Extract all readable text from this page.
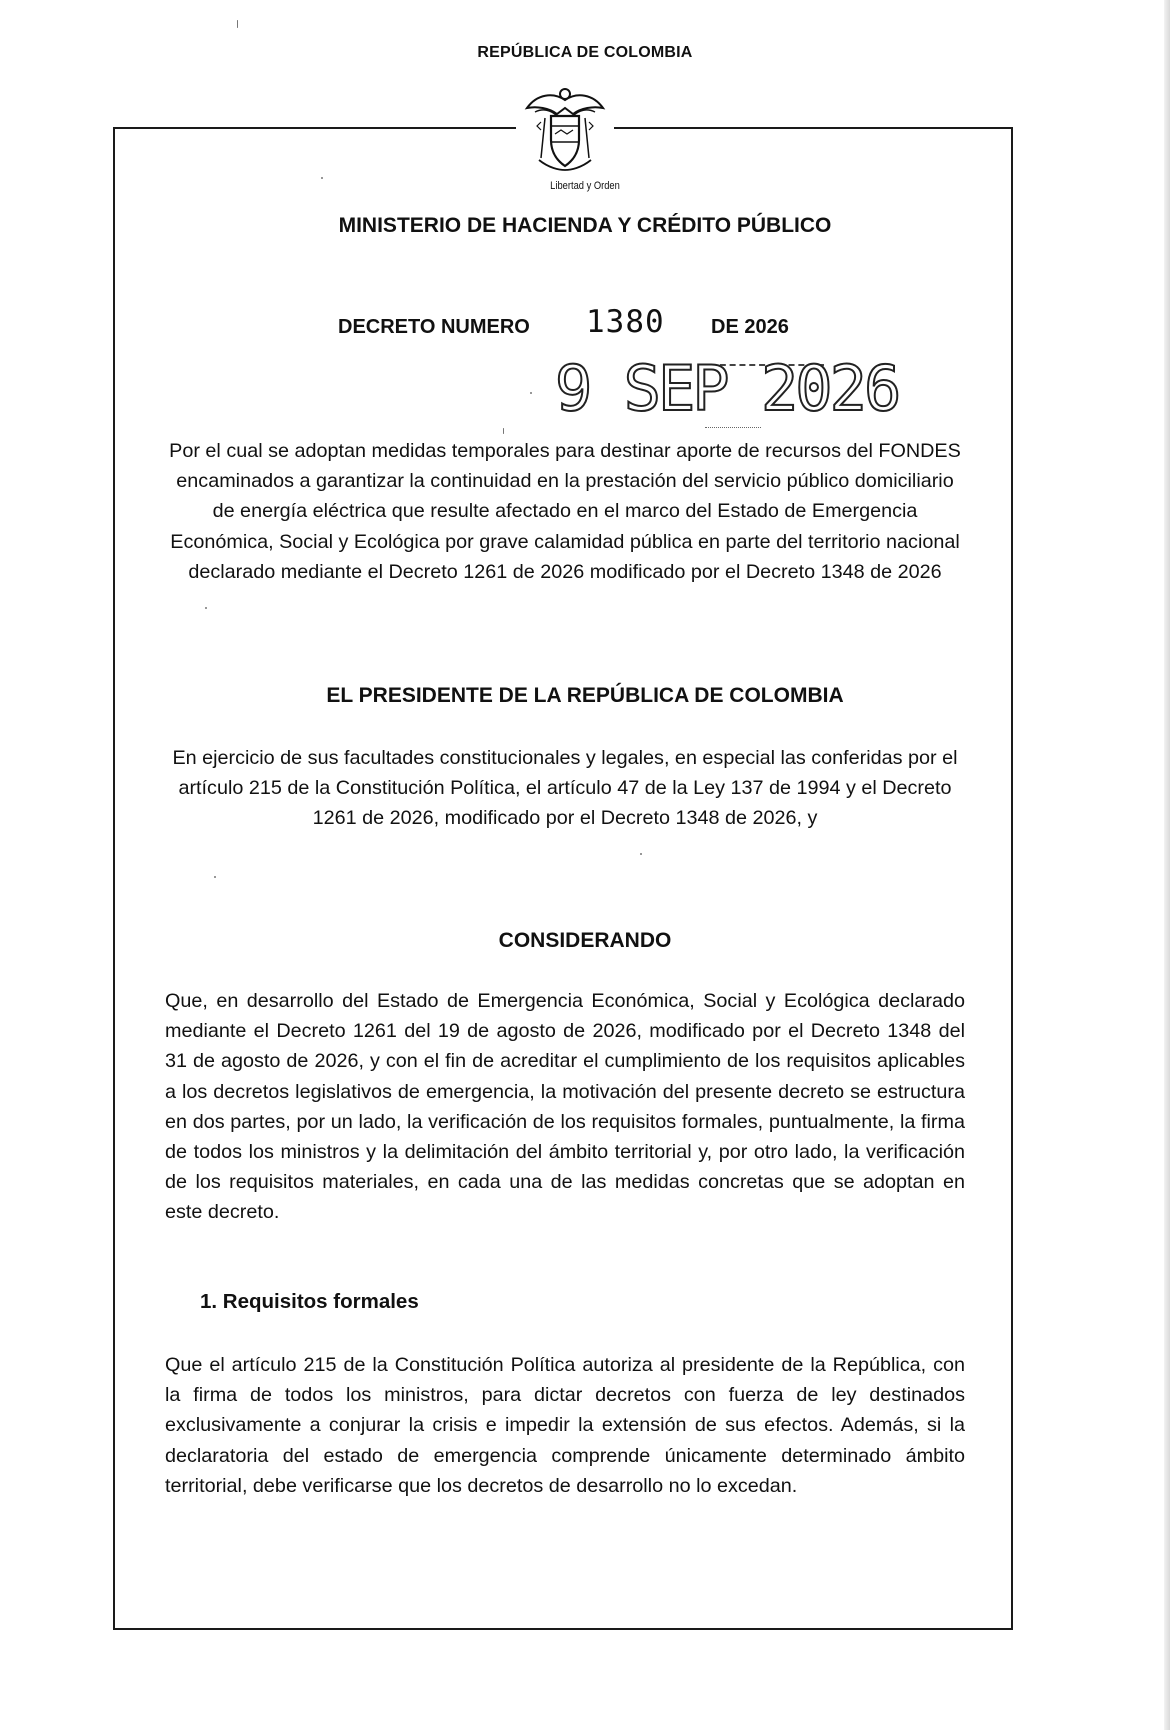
REPÚBLICA DE COLOMBIA
Libertad y Orden
MINISTERIO DE HACIENDA Y CRÉDITO PÚBLICO
DECRETO NUMERO 1380 DE 2026
9 SEP 2026
Por el cual se adoptan medidas temporales para destinar aporte de recursos del FONDES encaminados a garantizar la continuidad en la prestación del servicio público domiciliario de energía eléctrica que resulte afectado en el marco del Estado de Emergencia Económica, Social y Ecológica por grave calamidad pública en parte del territorio nacional declarado mediante el Decreto 1261 de 2026 modificado por el Decreto 1348 de 2026
EL PRESIDENTE DE LA REPÚBLICA DE COLOMBIA
En ejercicio de sus facultades constitucionales y legales, en especial las conferidas por el artículo 215 de la Constitución Política, el artículo 47 de la Ley 137 de 1994 y el Decreto 1261 de 2026, modificado por el Decreto 1348 de 2026, y
CONSIDERANDO
Que, en desarrollo del Estado de Emergencia Económica, Social y Ecológica declarado mediante el Decreto 1261 del 19 de agosto de 2026, modificado por el Decreto 1348 del 31 de agosto de 2026, y con el fin de acreditar el cumplimiento de los requisitos aplicables a los decretos legislativos de emergencia, la motivación del presente decreto se estructura en dos partes, por un lado, la verificación de los requisitos formales, puntualmente, la firma de todos los ministros y la delimitación del ámbito territorial y, por otro lado, la verificación de los requisitos materiales, en cada una de las medidas concretas que se adoptan en este decreto.
1. Requisitos formales
Que el artículo 215 de la Constitución Política autoriza al presidente de la República, con la firma de todos los ministros, para dictar decretos con fuerza de ley destinados exclusivamente a conjurar la crisis e impedir la extensión de sus efectos. Además, si la declaratoria del estado de emergencia comprende únicamente determinado ámbito territorial, debe verificarse que los decretos de desarrollo no lo excedan.
